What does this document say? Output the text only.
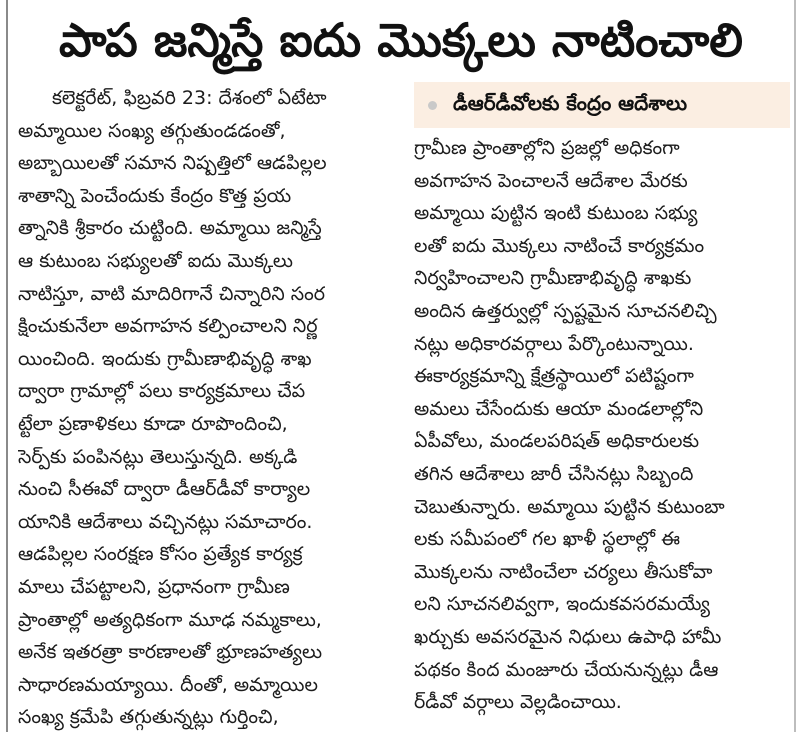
పాప జన్మిస్తే ఐదు మొక్కలు నాటించాలి
కలెక్టరేట్, ఫిబ్రవరి 23: దేశంలో ఏటేటా
అమ్మాయిల సంఖ్య తగ్గుతుండడంతో,
అబ్బాయిలతో సమాన నిష్పత్తిలో ఆడపిల్లల
శాతాన్ని పెంచేందుకు కేంద్రం కొత్త ప్రయ
త్నానికి శ్రీకారం చుట్టింది. అమ్మాయి జన్మిస్తే
ఆ కుటుంబ సభ్యులతో ఐదు మొక్కలు
నాటిస్తూ, వాటి మాదిరిగానే చిన్నారిని సంర
క్షించుకునేలా అవగాహన కల్పించాలని నిర్ణ
యించింది. ఇందుకు గ్రామీణాభివృద్ధి శాఖ
ద్వారా గ్రామాల్లో పలు కార్యక్రమాలు చేప
ట్టేలా ప్రణాళికలు కూడా రూపొందించి,
సెర్ప్‌కు పంపినట్లు తెలుస్తున్నది. అక్కడి
నుంచి సీఈవో ద్వారా డీఆర్‌డీవో కార్యాల
యానికి ఆదేశాలు వచ్చినట్లు సమాచారం.
ఆడపిల్లల సంరక్షణ కోసం ప్రత్యేక కార్యక్ర
మాలు చేపట్టాలని, ప్రధానంగా గ్రామీణ
ప్రాంతాల్లో అత్యధికంగా మూఢ నమ్మకాలు,
అనేక ఇతరత్రా కారణాలతో భ్రూణహత్యలు
సాధారణమయ్యాయి. దీంతో, అమ్మాయిల
సంఖ్య క్రమేపి తగ్గుతున్నట్లు గుర్తించి,
డీఆర్‌డీవోలకు కేంద్రం ఆదేశాలు
గ్రామీణ ప్రాంతాల్లోని ప్రజల్లో అధికంగా
అవగాహన పెంచాలనే ఆదేశాల మేరకు
అమ్మాయి పుట్టిన ఇంటి కుటుంబ సభ్యు
లతో ఐదు మొక్కలు నాటించే కార్యక్రమం
నిర్వహించాలని గ్రామీణాభివృద్ధి శాఖకు
అందిన ఉత్తర్వుల్లో స్పష్టమైన సూచనలిచ్చి
నట్లు అధికారవర్గాలు పేర్కొంటున్నాయి.
ఈకార్యక్రమాన్ని క్షేత్రస్థాయిలో పటిష్టంగా
అమలు చేసేందుకు ఆయా మండలాల్లోని
ఏపీవోలు, మండలపరిషత్ అధికారులకు
తగిన ఆదేశాలు జారీ చేసినట్లు సిబ్బంది
చెబుతున్నారు. అమ్మాయి పుట్టిన కుటుంబా
లకు సమీపంలో గల ఖాళీ స్థలాల్లో ఈ
మొక్కలను నాటించేలా చర్యలు తీసుకోవా
లని సూచనలివ్వగా, ఇందుకవసరమయ్యే
ఖర్చుకు అవసరమైన నిధులు ఉపాధి హామీ
పథకం కింద మంజూరు చేయనున్నట్లు డీఆ
ర్‌డీవో వర్గాలు వెల్లడించాయి.
